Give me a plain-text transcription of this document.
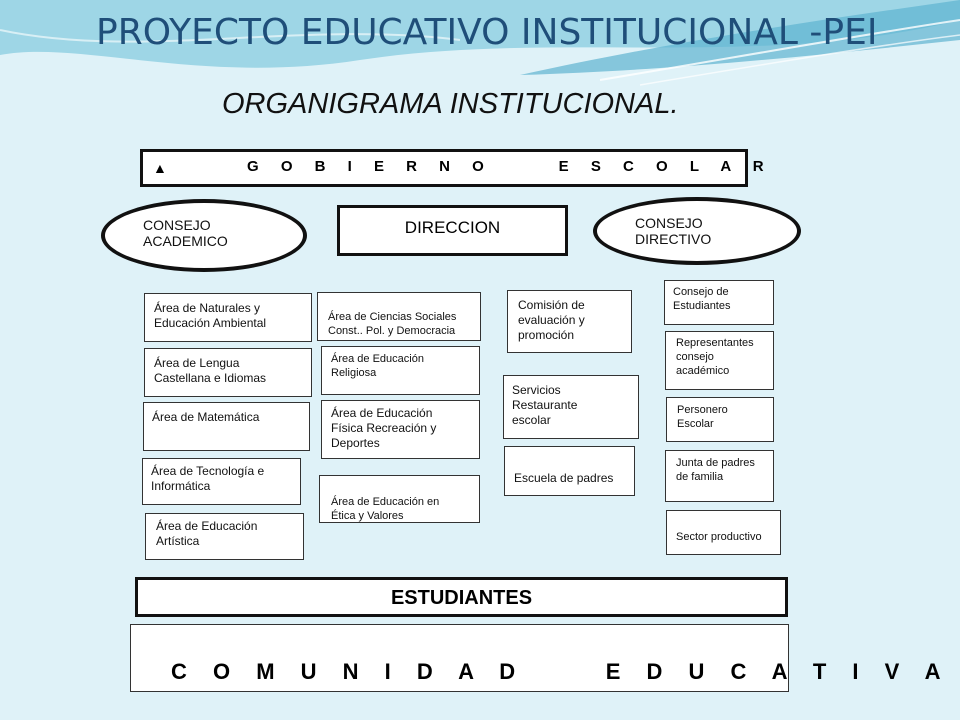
PROYECTO EDUCATIVO INSTITUCIONAL -PEI
ORGANIGRAMA INSTITUCIONAL.
▲	G O B I E R N O     E S C O L A R
CONSEJO
ACADEMICO
DIRECCION	CONSEJO
DIRECTIVO
Área de Naturales y
Educación Ambiental
Área de Lengua
Castellana e Idiomas
Área de Matemática
Área de Tecnología e
Informática
Área de Educación
Artística
Área de Ciencias Sociales
Const.. Pol. y Democracia
Área de Educación
Religiosa
Área de Educación
Física Recreación y
Deportes
Área de Educación en
Ética y Valores
Comisión de
evaluación y
promoción
Servicios
Restaurante
escolar
Escuela de padres
Consejo de
Estudiantes
Representantes
consejo
académico
Personero
Escolar
Junta de padres
de familia
Sector productivo
ESTUDIANTES
C O M U N I D A D     E D U C A T I V A
